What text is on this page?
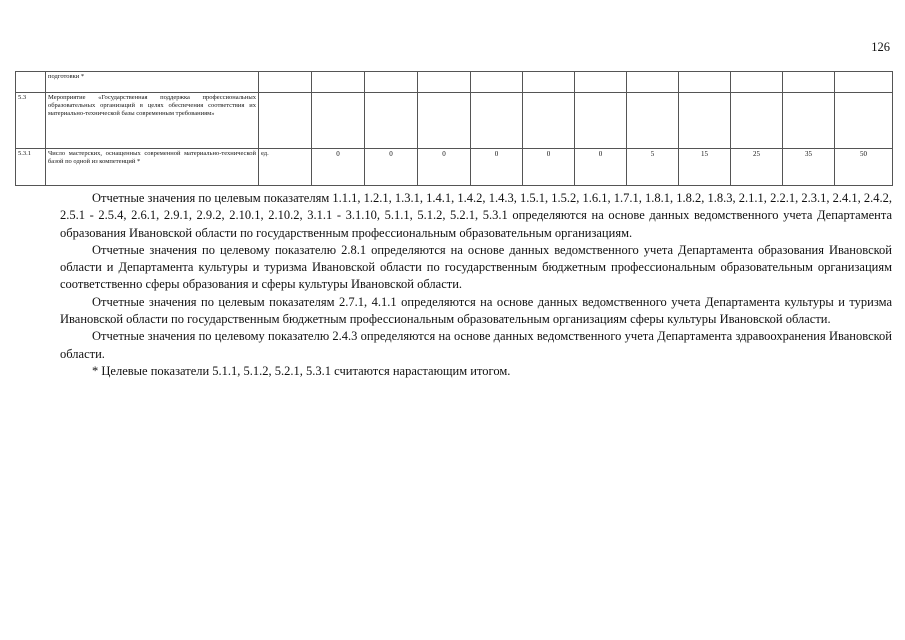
126
	подготовки *												
5.3	Мероприятие «Государственная поддержка профессиональных образовательных организаций в целях обеспечения соответствия их материально-технической базы современным требованиям»												
5.3.1	Число мастерских, оснащенных современной материально-технической базой по одной из компетенций *	ед.	0	0	0	0	0	0	5	15	25	35	50

Отчетные значения по целевым показателям 1.1.1, 1.2.1, 1.3.1, 1.4.1, 1.4.2, 1.4.3, 1.5.1, 1.5.2, 1.6.1, 1.7.1, 1.8.1, 1.8.2, 1.8.3, 2.1.1, 2.2.1, 2.3.1, 2.4.1, 2.4.2, 2.5.1 - 2.5.4, 2.6.1, 2.9.1, 2.9.2, 2.10.1, 2.10.2, 3.1.1 - 3.1.10, 5.1.1, 5.1.2, 5.2.1, 5.3.1 определяются на основе данных ведомственного учета Департамента образования Ивановской области по государственным профессиональным образовательным организациям.

Отчетные значения по целевому показателю 2.8.1 определяются на основе данных ведомственного учета Департамента образования Ивановской области и Департамента культуры и туризма Ивановской области по государственным бюджетным профессиональным образовательным организациям соответственно сферы образования и сферы культуры Ивановской области.

Отчетные значения по целевым показателям 2.7.1, 4.1.1 определяются на основе данных ведомственного учета Департамента культуры и туризма Ивановской области по государственным бюджетным профессиональным образовательным организациям сферы культуры Ивановской области.

Отчетные значения по целевому показателю 2.4.3 определяются на основе данных ведомственного учета Департамента здравоохранения Ивановской области.

* Целевые показатели 5.1.1, 5.1.2, 5.2.1, 5.3.1 считаются нарастающим итогом.
